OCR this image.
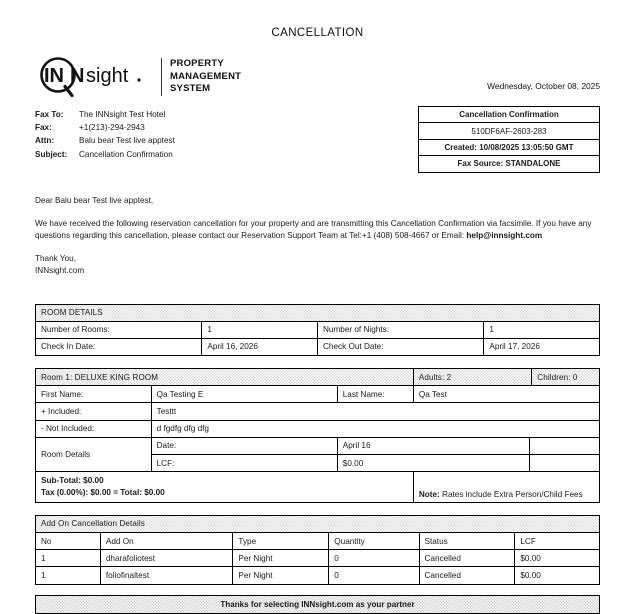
CANCELLATION
IN N sight
PROPERTY
MANAGEMENT
SYSTEM	Wednesday, October 08, 2025
Fax To:	The INNsight Test Hotel
Fax:	+1(213)-294-2943
Attn:	Balu bear Test live apptest
Subject:	Cancellation Confirmation
Cancellation Confirmation
510DF6AF-2603-283
Created: 10/08/2025 13:05:50 GMT
Fax Source: STANDALONE

Dear Balu bear Test live apptest,

We have received the following reservation cancellation for your property and are transmitting this Cancellation Confirmation via facsimile. If you have any questions regarding this cancellation, please contact our Reservation Support Team at Tel:+1 (408) 508-4667 or Email: help@innsight.com

Thank You,

INNsight.com

ROOM DETAILS			
Number of Rooms:	1	Number of Nights:	1
Check In Date:	April 16, 2026	Check Out Date:	April 17, 2026
Room 1: DELUXE KING ROOM	Adults: 2	Children: 0
First Name:	Qa Testing E	Last Name:	Qa Test
+ Included:	Testtt
- Not Included:	d fgdfg dfg dfg
Room Details	
Date:	April 16	
LCF:	$0.00	

Sub-Total: $0.00
Tax (0.00%): $0.00 = Total: $0.00	Note: Rates include Extra Person/Child Fees
Add On Cancellation Details					
No	Add On	Type	Quantity	Status	LCF
1	dharafoliotest	Per Night	0	Cancelled	$0.00
1	foliofinaltest	Per Night	0	Cancelled	$0.00
Thanks for selecting INNsight.com as your partner
